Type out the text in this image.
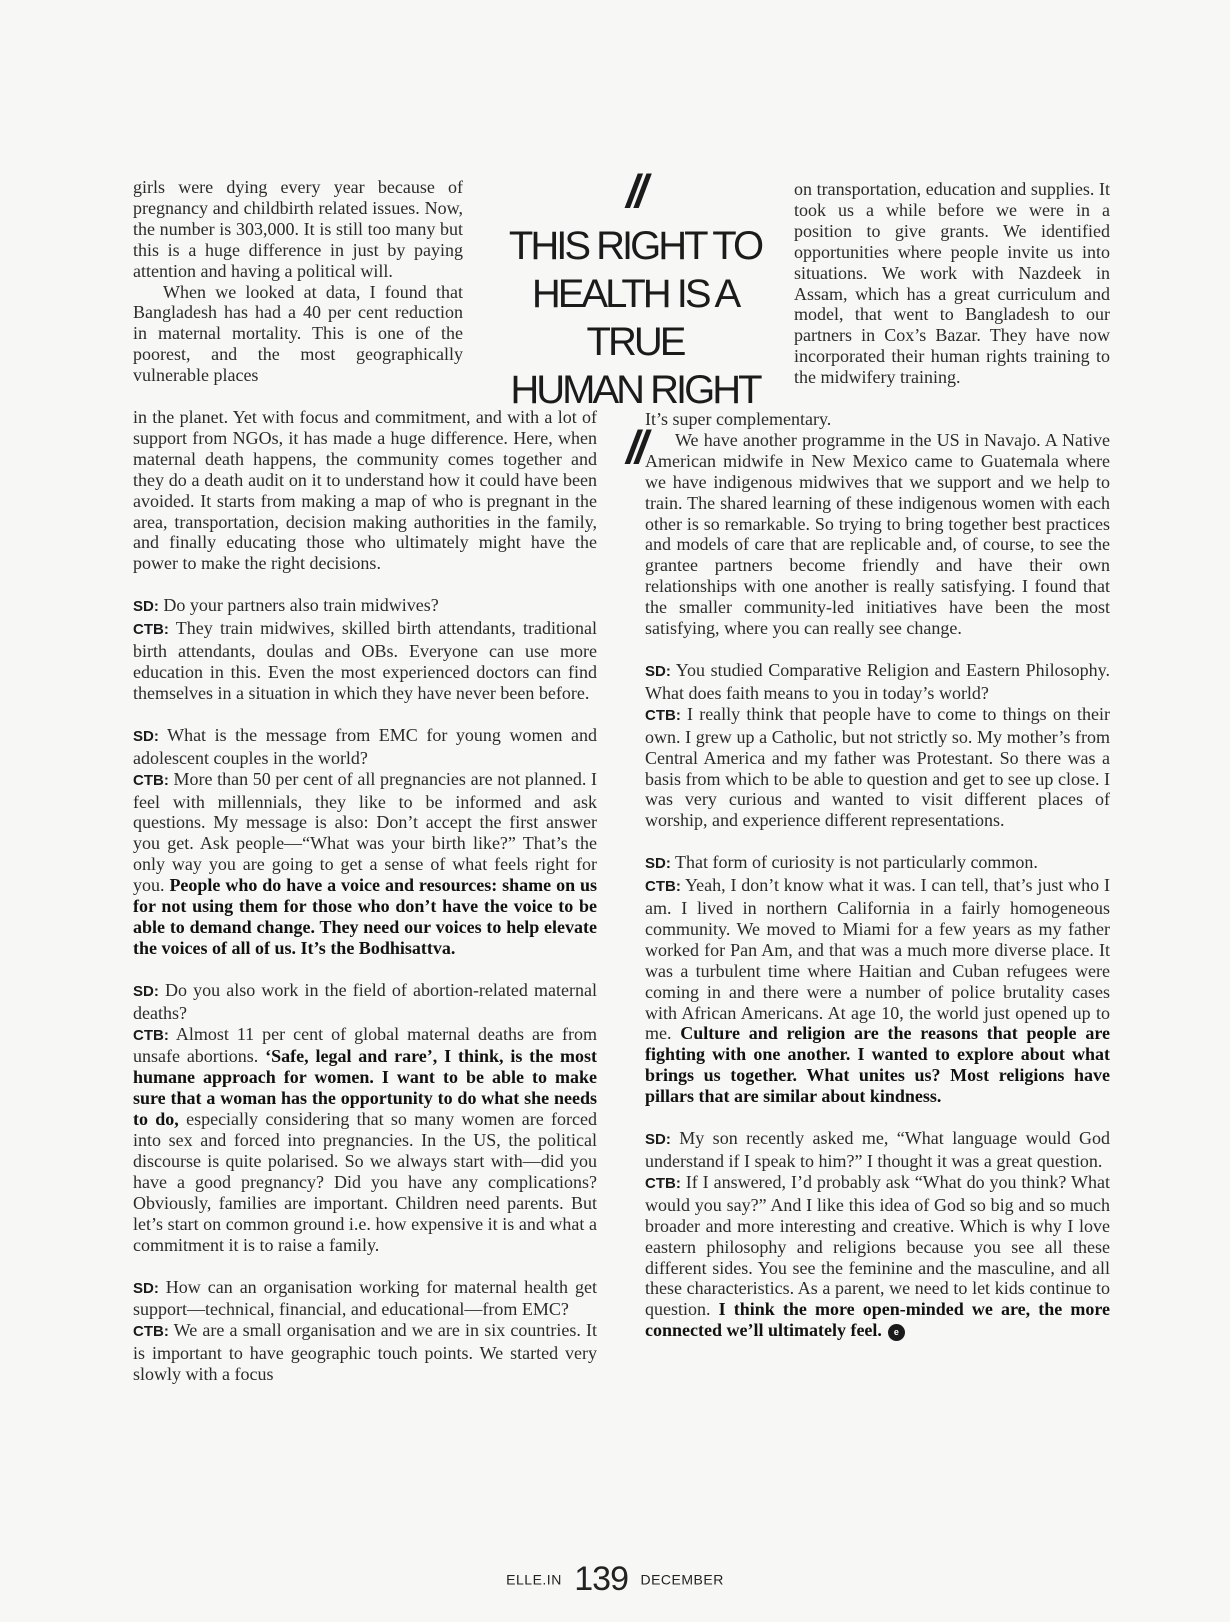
girls were dying every year because of pregnancy and childbirth related issues. Now, the number is 303,000. It is still too many but this is a huge difference in just by paying attention and having a political will.

When we looked at data, I found that Bangladesh has had a 40 per cent reduction in maternal mortality. This is one of the poorest, and the most geographically vulnerable places

//
THIS RIGHT TO
HEALTH IS A TRUE
HUMAN RIGHT
//

on transportation, education and supplies. It took us a while before we were in a position to give grants. We identified opportunities where people invite us into situations. We work with Nazdeek in Assam, which has a great curriculum and model, that went to Bangladesh to our partners in Cox’s Bazar. They have now incorporated their human rights training to the midwifery training.

in the planet. Yet with focus and commitment, and with a lot of support from NGOs, it has made a huge difference. Here, when maternal death happens, the community comes together and they do a death audit on it to understand how it could have been avoided. It starts from making a map of who is pregnant in the area, transportation, decision making authorities in the family, and finally educating those who ultimately might have the power to make the right decisions.

SD: Do your partners also train midwives?

CTB: They train midwives, skilled birth attendants, traditional birth attendants, doulas and OBs. Everyone can use more education in this. Even the most experienced doctors can find themselves in a situation in which they have never been before.

SD: What is the message from EMC for young women and adolescent couples in the world?

CTB: More than 50 per cent of all pregnancies are not planned. I feel with millennials, they like to be informed and ask questions. My message is also: Don’t accept the first answer you get. Ask people—“What was your birth like?” That’s the only way you are going to get a sense of what feels right for you. People who do have a voice and resources: shame on us for not using them for those who don’t have the voice to be able to demand change. They need our voices to help elevate the voices of all of us. It’s the Bodhisattva.

SD: Do you also work in the field of abortion-related maternal deaths?

CTB: Almost 11 per cent of global maternal deaths are from unsafe abortions. ‘Safe, legal and rare’, I think, is the most humane approach for women. I want to be able to make sure that a woman has the opportunity to do what she needs to do, especially considering that so many women are forced into sex and forced into pregnancies. In the US, the political discourse is quite polarised. So we always start with—did you have a good pregnancy? Did you have any complications? Obviously, families are important. Children need parents. But let’s start on common ground i.e. how expensive it is and what a commitment it is to raise a family.

SD: How can an organisation working for maternal health get support—technical, financial, and educational—from EMC?

CTB: We are a small organisation and we are in six countries. It is important to have geographic touch points. We started very slowly with a focus

It’s super complementary.

We have another programme in the US in Navajo. A Native American midwife in New Mexico came to Guatemala where we have indigenous midwives that we support and we help to train. The shared learning of these indigenous women with each other is so remarkable. So trying to bring together best practices and models of care that are replicable and, of course, to see the grantee partners become friendly and have their own relationships with one another is really satisfying. I found that the smaller community-led initiatives have been the most satisfying, where you can really see change.

SD: You studied Comparative Religion and Eastern Philosophy. What does faith means to you in today’s world?

CTB: I really think that people have to come to things on their own. I grew up a Catholic, but not strictly so. My mother’s from Central America and my father was Protestant. So there was a basis from which to be able to question and get to see up close. I was very curious and wanted to visit different places of worship, and experience different representations.

SD: That form of curiosity is not particularly common.

CTB: Yeah, I don’t know what it was. I can tell, that’s just who I am. I lived in northern California in a fairly homogeneous community. We moved to Miami for a few years as my father worked for Pan Am, and that was a much more diverse place. It was a turbulent time where Haitian and Cuban refugees were coming in and there were a number of police brutality cases with African Americans. At age 10, the world just opened up to me. Culture and religion are the reasons that people are fighting with one another. I wanted to explore about what brings us together. What unites us? Most religions have pillars that are similar about kindness.

SD: My son recently asked me, “What language would God understand if I speak to him?” I thought it was a great question.

CTB: If I answered, I’d probably ask “What do you think? What would you say?” And I like this idea of God so big and so much broader and more interesting and creative. Which is why I love eastern philosophy and religions because you see all these different sides. You see the feminine and the masculine, and all these characteristics. As a parent, we need to let kids continue to question. I think the more open-minded we are, the more connected we’ll ultimately feel. e

ELLE.IN 139 DECEMBER
